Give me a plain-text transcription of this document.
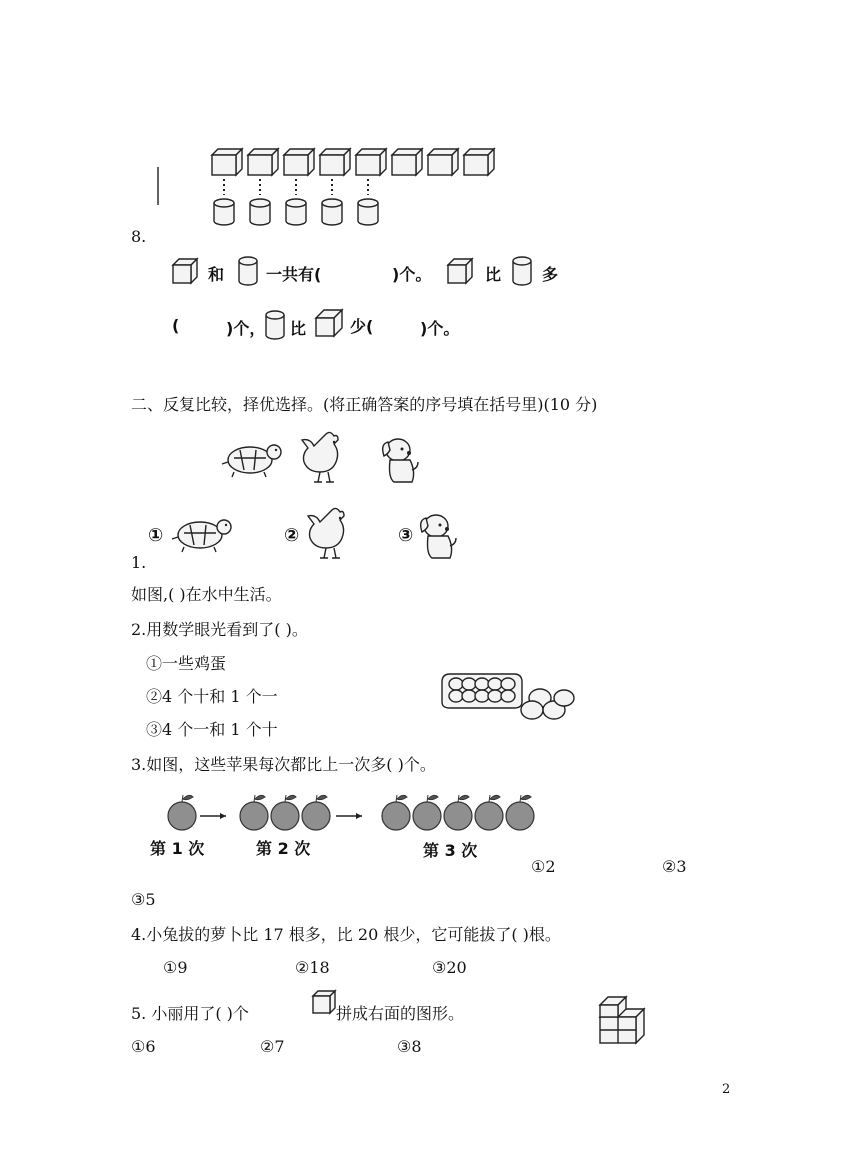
8.
和	一共有(	)个。	比	多
(	)个， 比	少(	)个。
二、反复比较，择优选择。(将正确答案的序号填在括号里)(10 分)
①	②	③
1.
如图,( )在水中生活。
2.用数学眼光看到了( )。
①一些鸡蛋
②4 个十和 1 个一
③4 个一和 1 个十
3.如图，这些苹果每次都比上一次多( )个。
第 1 次	第 2 次	第 3 次
①2	②3
③5
4.小兔拔的萝卜比 17 根多，比 20 根少，它可能拔了( )根。
①9	②18	③20
5. 小丽用了( )个	拼成右面的图形。
①6	②7	③8
2
